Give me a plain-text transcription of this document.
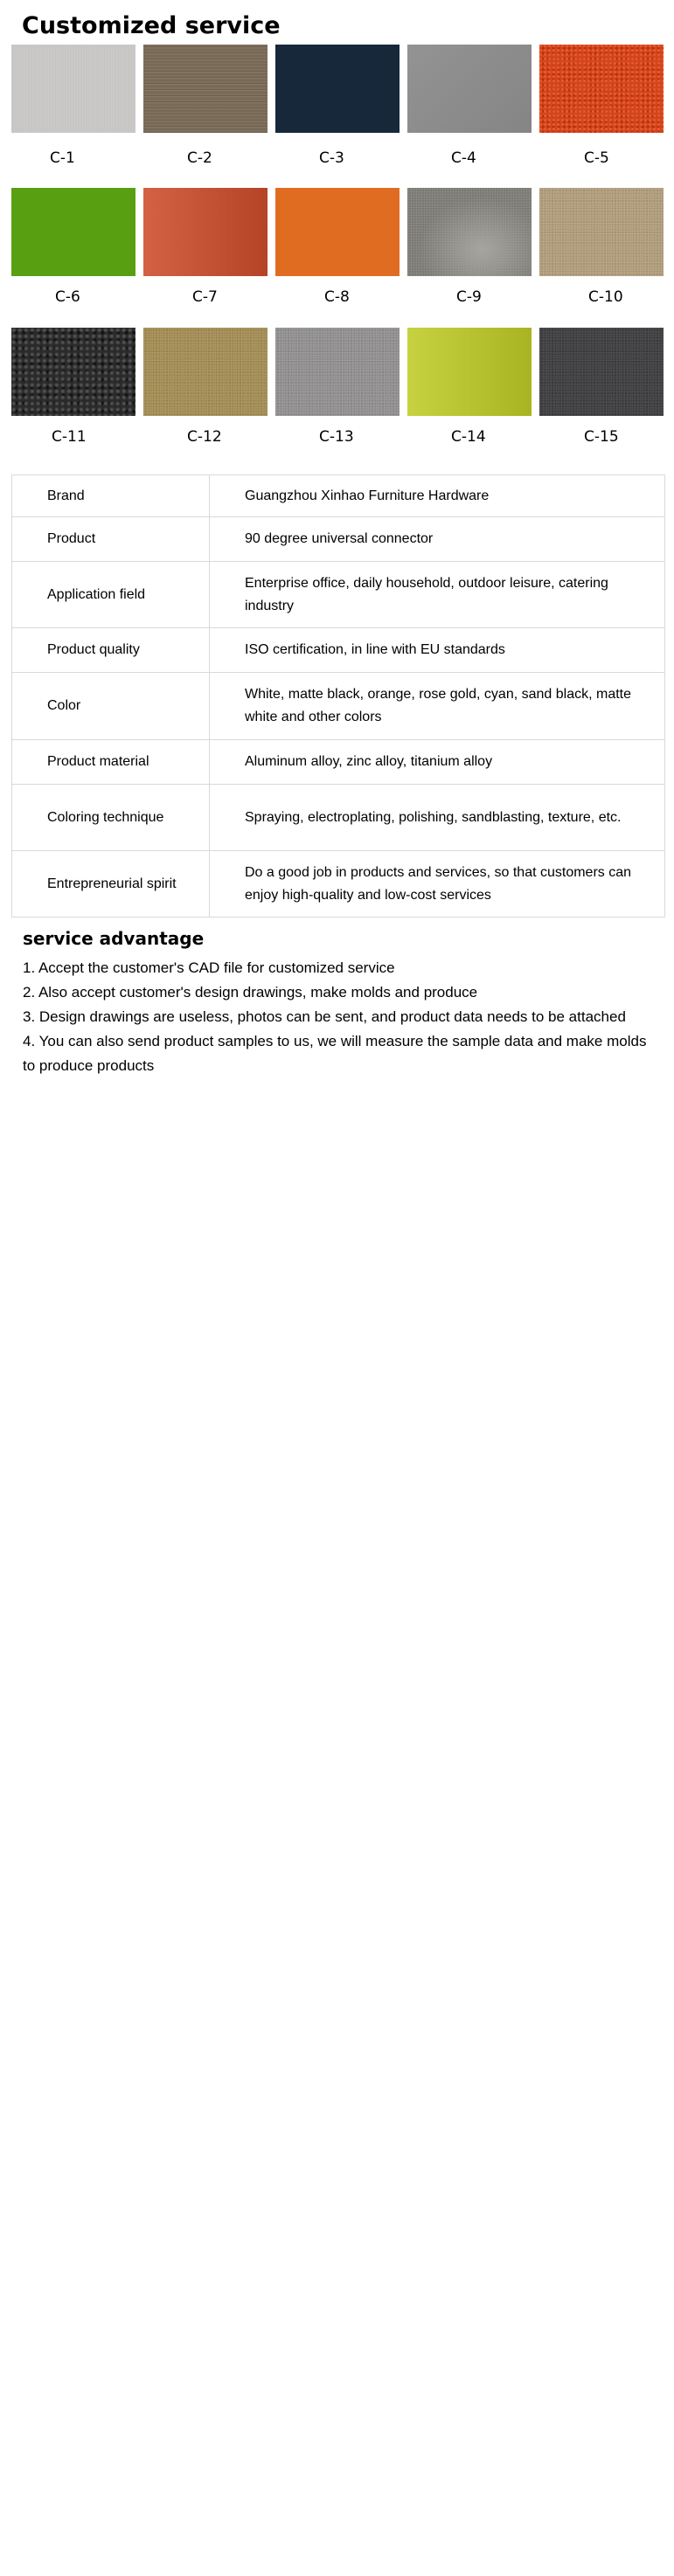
Customized service
C-1	C-2	C-3	C-4	C-5
C-6	C-7	C-8	C-9	C-10
C-11	C-12	C-13	C-14	C-15
Brand	Guangzhou Xinhao Furniture Hardware
Product	90 degree universal connector
Application field	Enterprise office, daily household, outdoor leisure, catering industry
Product quality	ISO certification, in line with EU standards
Color	White, matte black, orange, rose gold, cyan, sand black, matte white and other colors
Product material	Aluminum alloy, zinc alloy, titanium alloy
Coloring technique	Spraying, electroplating, polishing, sandblasting, texture, etc.
Entrepreneurial spirit	Do a good job in products and services, so that customers can enjoy high-quality and low-cost services
service advantage

1. Accept the customer's CAD file for customized service

2. Also accept customer's design drawings, make molds and produce

3. Design drawings are useless, photos can be sent, and product data needs to be attached

4. You can also send product samples to us, we will measure the sample data and make molds to produce products
